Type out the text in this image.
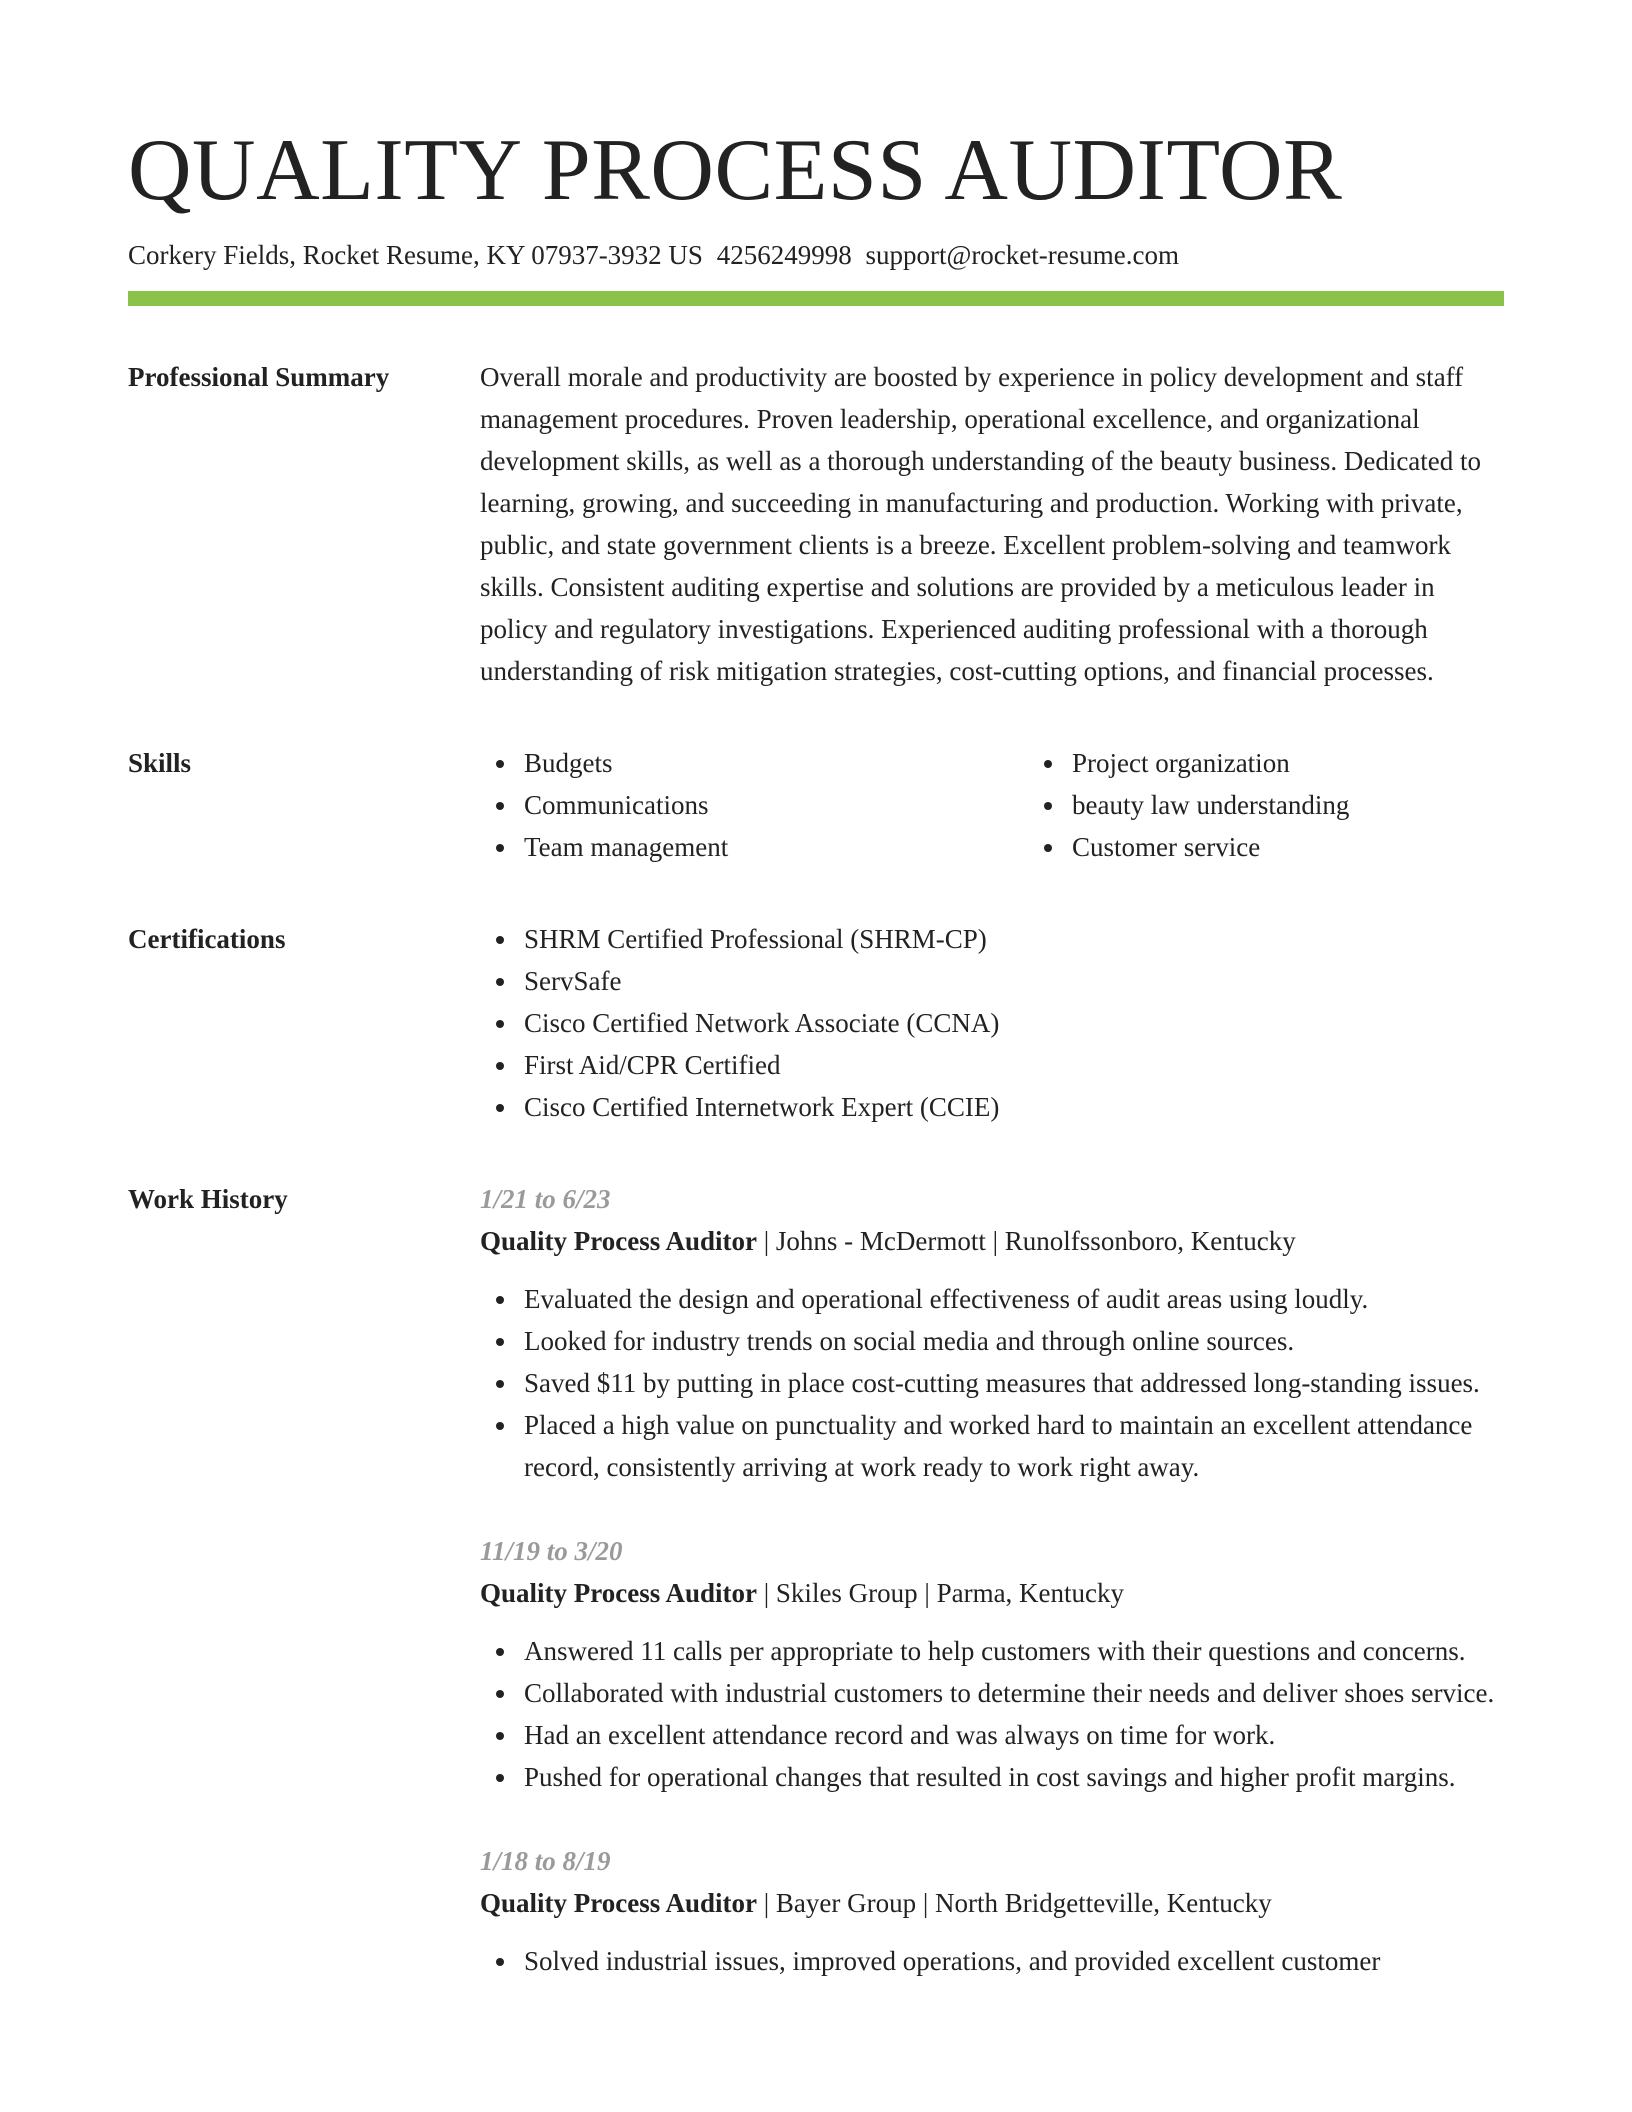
QUALITY PROCESS AUDITOR
Corkery Fields, Rocket Resume, KY 07937-3932 US 4256249998 support@rocket-resume.com
Professional Summary	Overall morale and productivity are boosted by experience in policy development and staff management procedures. Proven leadership, operational excellence, and organizational development skills, as well as a thorough understanding of the beauty business. Dedicated to learning, growing, and succeeding in manufacturing and production. Working with private, public, and state government clients is a breeze. Excellent problem-solving and teamwork skills. Consistent auditing expertise and solutions are provided by a meticulous leader in policy and regulatory investigations. Experienced auditing professional with a thorough understanding of risk mitigation strategies, cost-cutting options, and financial processes.

Skills	Budgets
Communications
Team management
Project organization
beauty law understanding
Customer service
Certifications	SHRM Certified Professional (SHRM-CP)
ServSafe
Cisco Certified Network Associate (CCNA)
First Aid/CPR Certified
Cisco Certified Internetwork Expert (CCIE)
Work History	1/21 to 6/23
Quality Process Auditor | Johns - McDermott | Runolfssonboro, Kentucky
Evaluated the design and operational effectiveness of audit areas using loudly.
Looked for industry trends on social media and through online sources.
Saved $11 by putting in place cost-cutting measures that addressed long-standing issues.
Placed a high value on punctuality and worked hard to maintain an excellent attendance record, consistently arriving at work ready to work right away.
11/19 to 3/20
Quality Process Auditor | Skiles Group | Parma, Kentucky
Answered 11 calls per appropriate to help customers with their questions and concerns.
Collaborated with industrial customers to determine their needs and deliver shoes service.
Had an excellent attendance record and was always on time for work.
Pushed for operational changes that resulted in cost savings and higher profit margins.
1/18 to 8/19
Quality Process Auditor | Bayer Group | North Bridgetteville, Kentucky
Solved industrial issues, improved operations, and provided excellent customer
